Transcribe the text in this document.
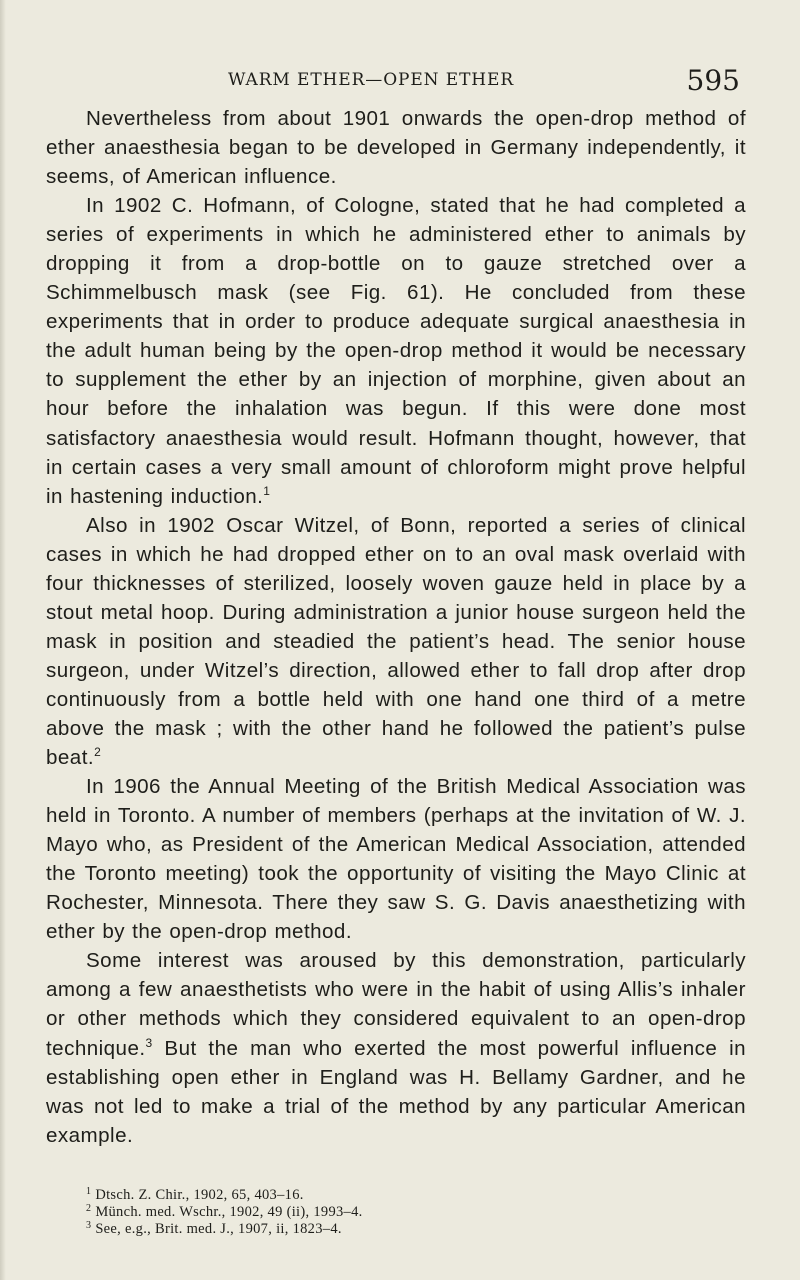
WARM ETHER—OPEN ETHER	595

Nevertheless from about 1901 onwards the open-drop method of ether anaesthesia began to be developed in Germany independently, it seems, of American influence.

In 1902 C. Hofmann, of Cologne, stated that he had completed a series of experiments in which he administered ether to animals by dropping it from a drop-bottle on to gauze stretched over a Schimmelbusch mask (see Fig. 61). He concluded from these experiments that in order to produce adequate surgical anaesthesia in the adult human being by the open-drop method it would be necessary to supplement the ether by an injection of morphine, given about an hour before the inhalation was begun. If this were done most satisfactory anaesthesia would result. Hofmann thought, however, that in certain cases a very small amount of chloroform might prove helpful in hastening induction.$^1$

Also in 1902 Oscar Witzel, of Bonn, reported a series of clinical cases in which he had dropped ether on to an oval mask overlaid with four thicknesses of sterilized, loosely woven gauze held in place by a stout metal hoop. During administration a junior house surgeon held the mask in position and steadied the patient’s head. The senior house surgeon, under Witzel’s direction, allowed ether to fall drop after drop continuously from a bottle held with one hand one third of a metre above the mask ; with the other hand he followed the patient’s pulse beat.$^2$

In 1906 the Annual Meeting of the British Medical Association was held in Toronto. A number of members (perhaps at the invitation of W. J. Mayo who, as President of the American Medical Association, attended the Toronto meeting) took the opportunity of visiting the Mayo Clinic at Rochester, Minnesota. There they saw S. G. Davis anaesthetizing with ether by the open-drop method.

Some interest was aroused by this demonstration, particularly among a few anaesthetists who were in the habit of using Allis’s inhaler or other methods which they considered equivalent to an open-drop technique.$^3$ But the man who exerted the most powerful influence in establishing open ether in England was H. Bellamy Gardner, and he was not led to make a trial of the method by any particular American example.

$^1$ Dtsch. Z. Chir., 1902, 65, 403–16.

$^2$ Münch. med. Wschr., 1902, 49 (ii), 1993–4.

$^3$ See, e.g., Brit. med. J., 1907, ii, 1823–4.
